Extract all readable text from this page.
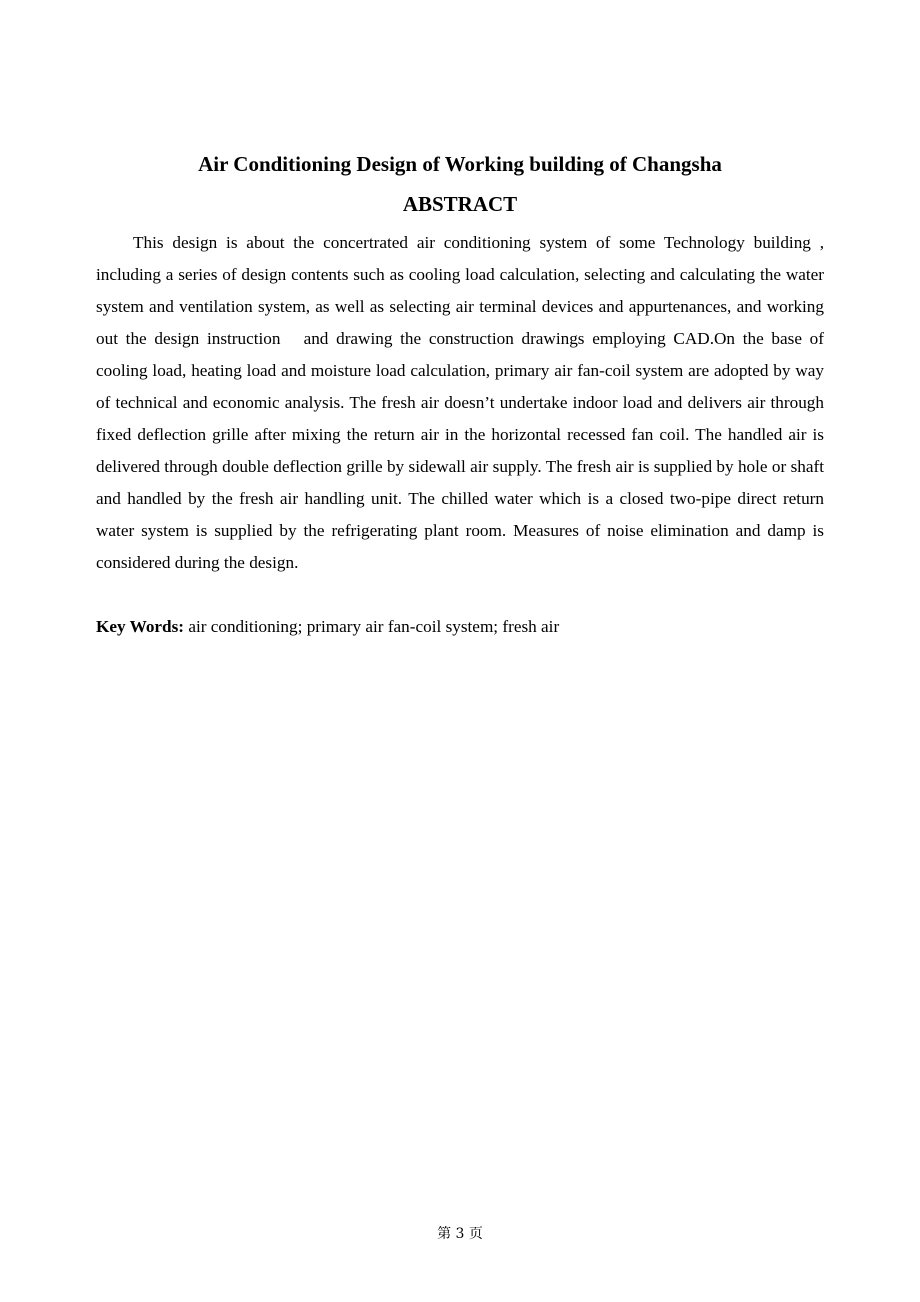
Air Conditioning Design of Working building of Changsha
ABSTRACT

This design is about the concertrated air conditioning system of some Technology building , including a series of design contents such as cooling load calculation, selecting and calculating the water system and ventilation system, as well as selecting air terminal devices and appurtenances, and working out the design instruction   and drawing the construction drawings employing CAD.On the base of cooling load, heating load and moisture load calculation, primary air fan-coil system are adopted by way of technical and economic analysis. The fresh air doesn’t undertake indoor load and delivers air through fixed deflection grille after mixing the return air in the horizontal recessed fan coil. The handled air is delivered through double deflection grille by sidewall air supply. The fresh air is supplied by hole or shaft and handled by the fresh air handling unit. The chilled water which is a closed two-pipe direct return water system is supplied by the refrigerating plant room. Measures of noise elimination and damp is considered during the design.

Key Words: air conditioning; primary air fan-coil system; fresh air

第 3 页
